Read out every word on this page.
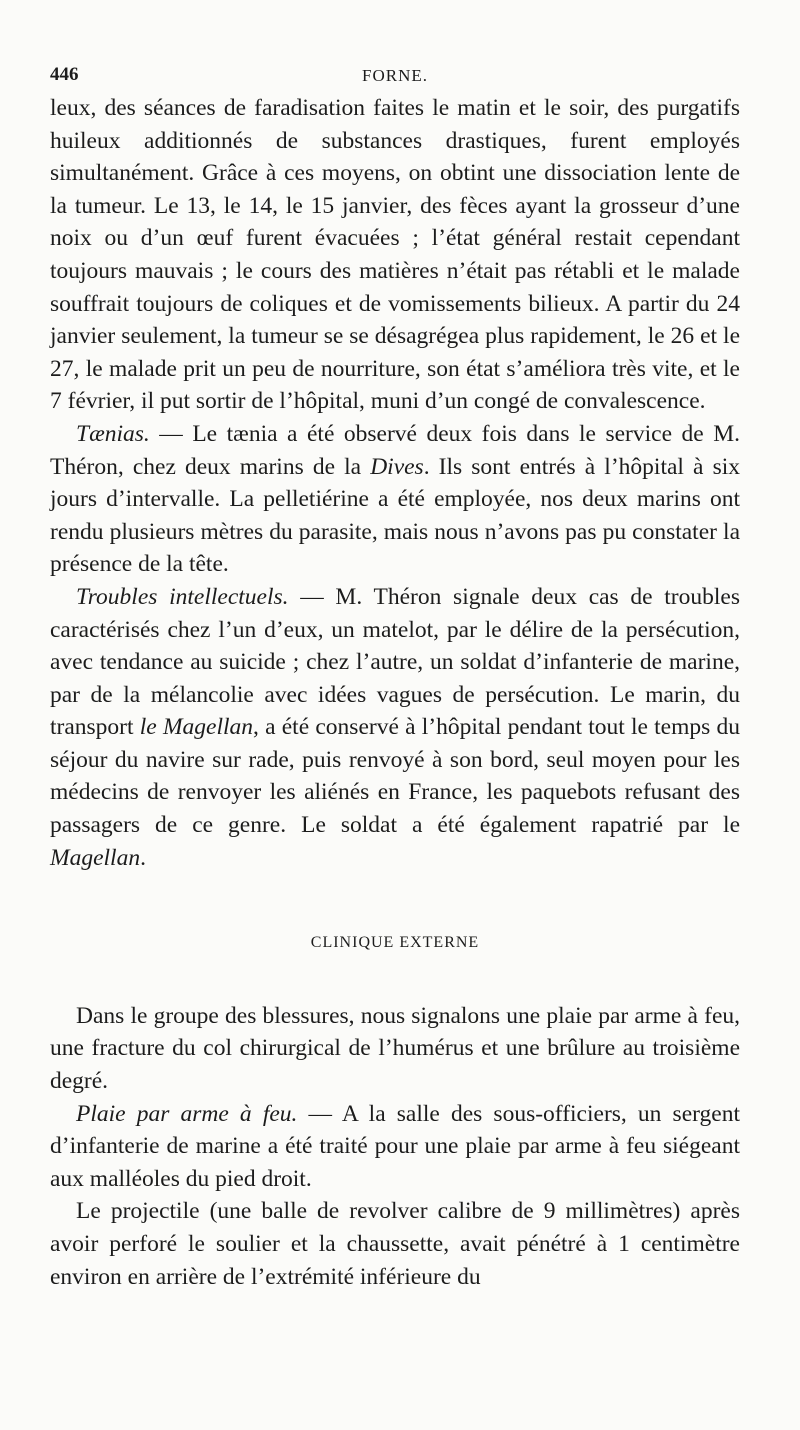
446	FORNE.

leux, des séances de faradisation faites le matin et le soir, des purgatifs huileux additionnés de substances drastiques, furent employés simultanément. Grâce à ces moyens, on obtint une dissociation lente de la tumeur. Le 13, le 14, le 15 janvier, des fèces ayant la grosseur d’une noix ou d’un œuf furent évacuées ; l’état général restait cependant toujours mauvais ; le cours des matières n’était pas rétabli et le malade souffrait toujours de coliques et de vomissements bilieux. A partir du 24 janvier seulement, la tumeur se se désagrégea plus rapidement, le 26 et le 27, le malade prit un peu de nourriture, son état s’améliora très vite, et le 7 février, il put sortir de l’hôpital, muni d’un congé de convalescence.

Tænias. — Le tænia a été observé deux fois dans le service de M. Théron, chez deux marins de la Dives. Ils sont entrés à l’hôpital à six jours d’intervalle. La pelletiérine a été employée, nos deux marins ont rendu plusieurs mètres du parasite, mais nous n’avons pas pu constater la présence de la tête.

Troubles intellectuels. — M. Théron signale deux cas de troubles caractérisés chez l’un d’eux, un matelot, par le délire de la persécution, avec tendance au suicide ; chez l’autre, un soldat d’infanterie de marine, par de la mélancolie avec idées vagues de persécution. Le marin, du transport le Magellan, a été conservé à l’hôpital pendant tout le temps du séjour du navire sur rade, puis renvoyé à son bord, seul moyen pour les médecins de renvoyer les aliénés en France, les paquebots refusant des passagers de ce genre. Le soldat a été également rapatrié par le Magellan.

CLINIQUE EXTERNE

Dans le groupe des blessures, nous signalons une plaie par arme à feu, une fracture du col chirurgical de l’humérus et une brûlure au troisième degré.

Plaie par arme à feu. — A la salle des sous-officiers, un sergent d’infanterie de marine a été traité pour une plaie par arme à feu siégeant aux malléoles du pied droit.

Le projectile (une balle de revolver calibre de 9 millimètres) après avoir perforé le soulier et la chaussette, avait pénétré à 1 centimètre environ en arrière de l’extrémité inférieure du
